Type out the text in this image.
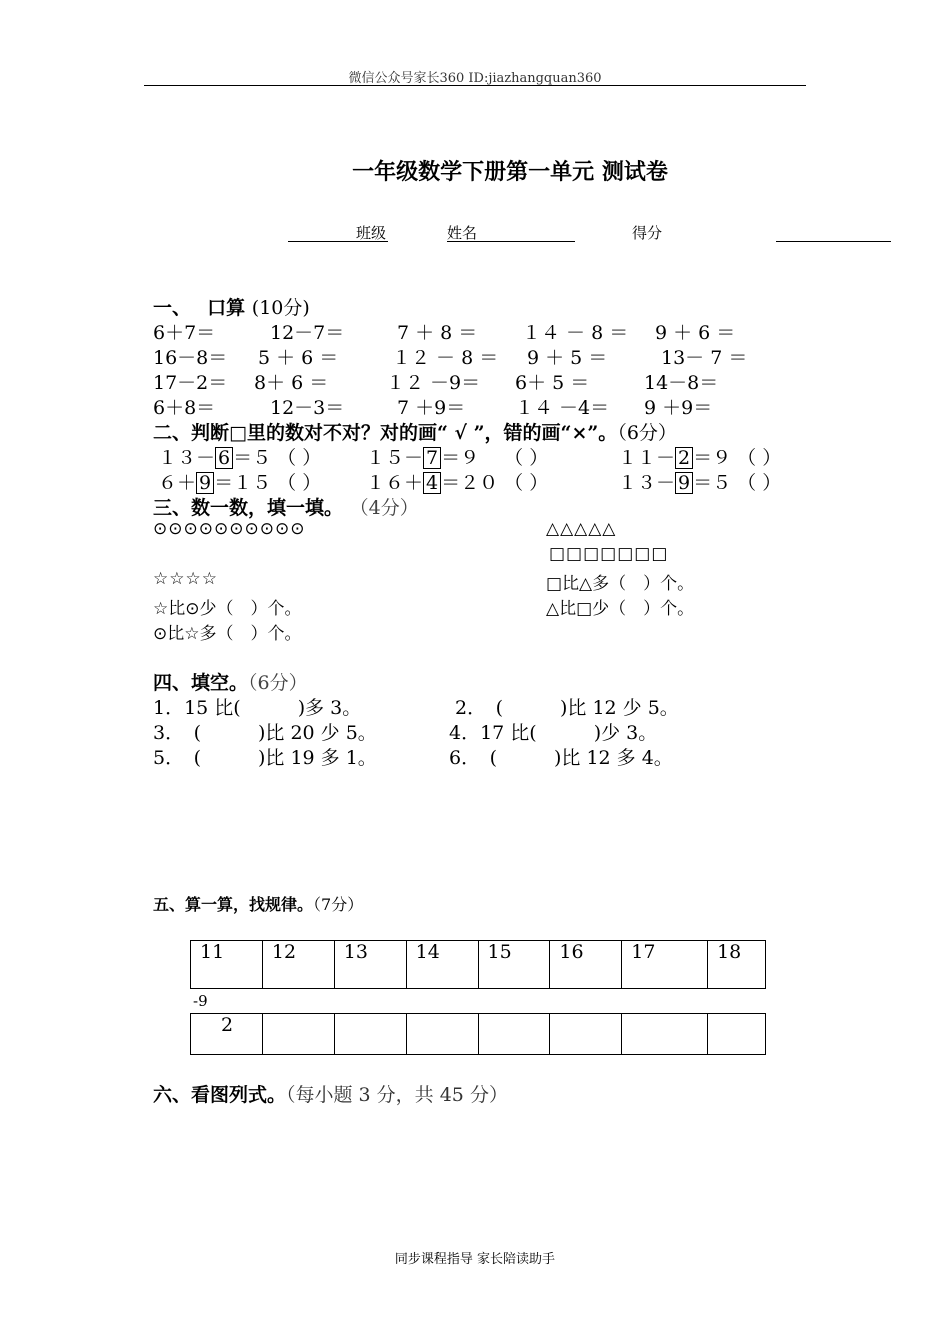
微信公众号家长360 ID:jiazhangquan360
一年级数学下册第一单元 测试卷
班级	姓名	得分
一、　 口算 (10分)
6＋7＝	12－7＝	7 ＋ 8 ＝ １４ － 8 ＝ 9 ＋ 6 ＝
16－8＝ 5 ＋ 6 ＝	１２ － 8 ＝ 9 ＋ 5 ＝	13－ 7 ＝
17－2＝ 8＋ 6 ＝	１２ －9＝ 6＋ 5 ＝	14－8＝
6＋8＝	12－3＝	7 ＋9＝	１４ －4＝ 9 ＋9＝
二、判断□里的数对不对？对的画“ √ ”，错的画“×”。（6分）
１３－ 6 ＝５ （ ） １５－ 7 ＝９　 （ ）	１１－ 2 ＝９ （ ）
６＋ 9 ＝１５ （ ） １６＋ 4 ＝２０ （ ）	１３－ 9 ＝５ （ ）
三、数一数，填一填。 （4分）
⊙⊙⊙⊙⊙⊙⊙⊙⊙⊙	△△△△△
□□□□□□□
☆☆☆☆	□比△多（　）个。
☆比⊙少（　）个。	△比□少（　）个。
⊙比☆多（　）个。
四、填空。（6分）
1．15 比(　　　)多 3。	2．　(　　　)比 12 少 5。
3．　(　　　)比 20 少 5。	4．17 比(　　　)少 3。
5．　(　　　)比 19 多 1。	6．　(　　　)比 12 多 4。
五、算一算，找规律。（7分）
11	12	13	14	15	16	17	18
-9
2							
六、看图列式。（每小题 3 分，共 45 分）
同步课程指导 家长陪读助手
